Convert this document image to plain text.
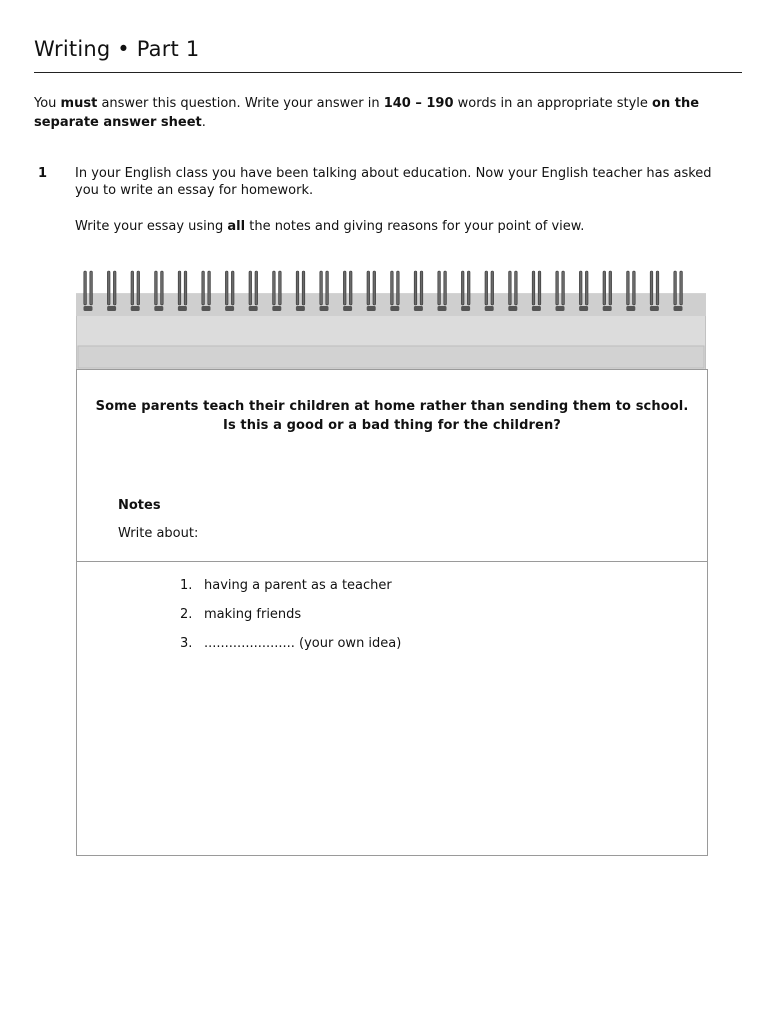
Writing • Part 1
You must answer this question. Write your answer in 140 – 190 words in an appropriate style on the separate answer sheet.
1 In your English class you have been talking about education. Now your English teacher has asked you to write an essay for homework.
Write your essay using all the notes and giving reasons for your point of view.
Some parents teach their children at home rather than sending them to school.
Is this a good or a bad thing for the children?
Notes
Write about:
1. having a parent as a teacher
2. making friends
3. ...................... (your own idea)
